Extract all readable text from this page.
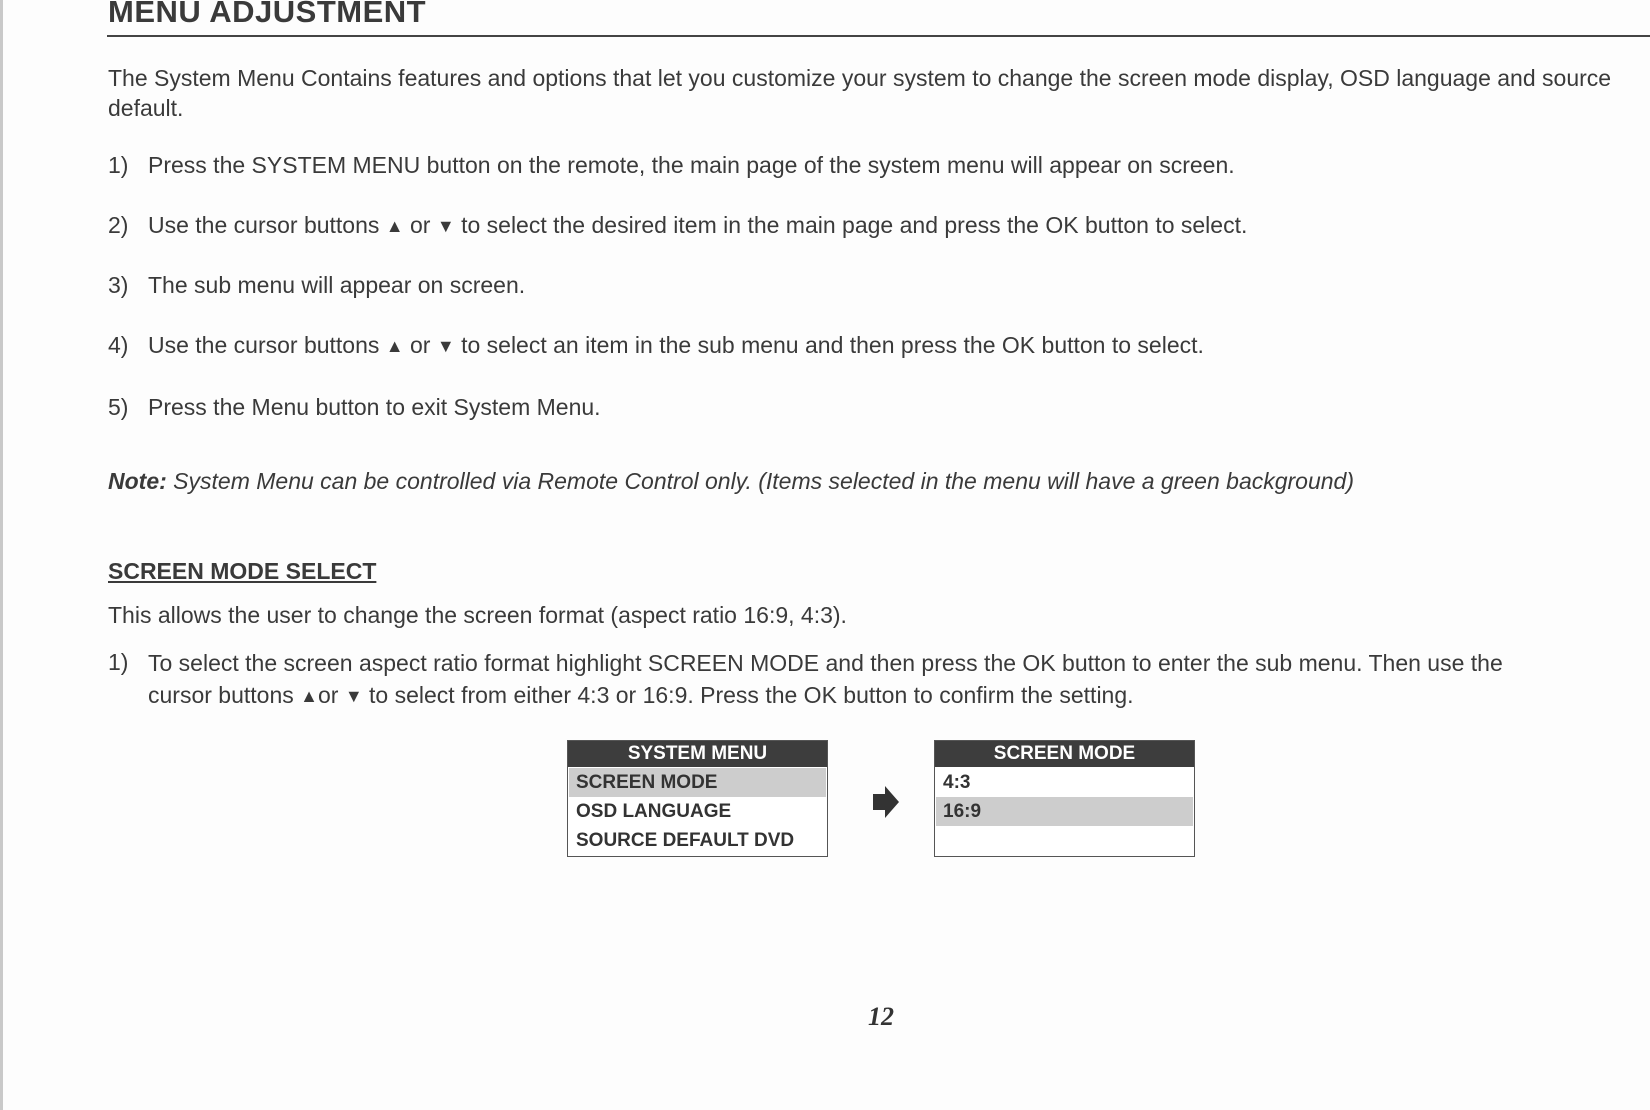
MENU ADJUSTMENT

The System Menu Contains features and options that let you customize your system to change the screen mode display, OSD language and source default.

1) Press the SYSTEM MENU button on the remote, the main page of the system menu will appear on screen.
2) Use the cursor buttons ▲ or ▼ to select the desired item in the main page and press the OK button to select.
3) The sub menu will appear on screen.
4) Use the cursor buttons ▲ or ▼ to select an item in the sub menu and then press the OK button to select.
5) Press the Menu button to exit System Menu.

Note: System Menu can be controlled via Remote Control only. (Items selected in the menu will have a green background)

SCREEN MODE SELECT

This allows the user to change the screen format (aspect ratio 16:9, 4:3).

1) To select the screen aspect ratio format highlight SCREEN MODE and then press the OK button to enter the sub menu. Then use the
cursor buttons ▲or ▼ to select from either 4:3 or 16:9. Press the OK button to confirm the setting.
SYSTEM MENU
SCREEN MODE
OSD LANGUAGE
SOURCE DEFAULT DVD
SCREEN MODE
4:3
16:9
12
